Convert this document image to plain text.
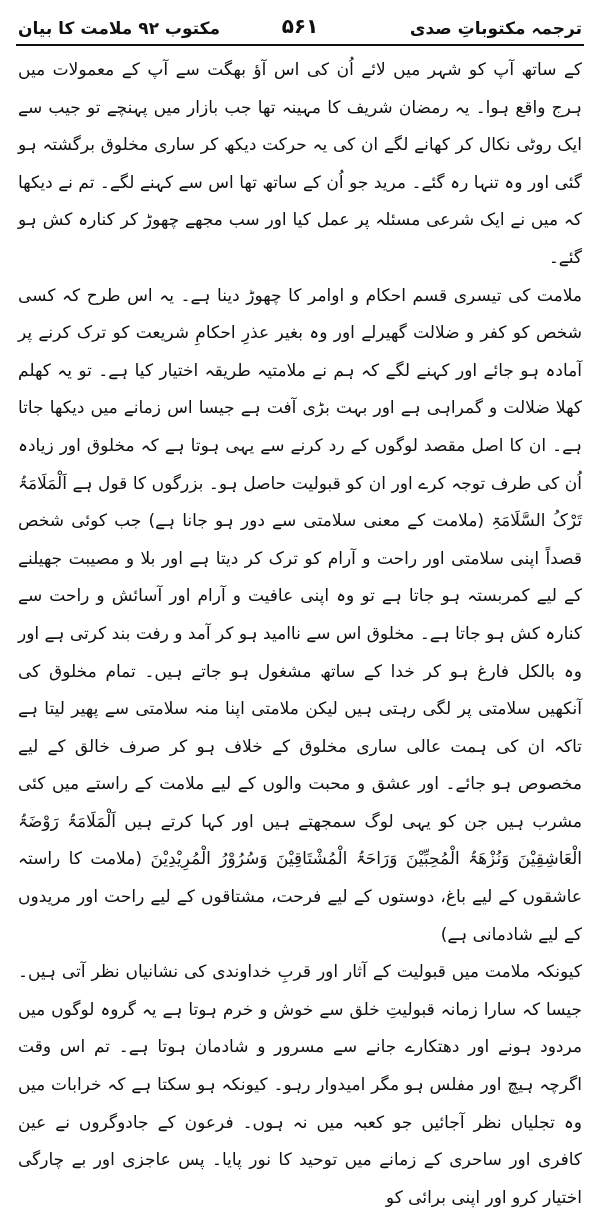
ترجمہ مکتوباتِ صدی
۵۶۱
مکتوب ۹۲ ملامت کا بیان

کے ساتھ آپ کو شہر میں لائے اُن کی اس آؤ بھگت سے آپ کے معمولات میں ہرج واقع ہوا۔ یہ رمضان شریف کا مہینہ تھا جب بازار میں پہنچے تو جیب سے ایک روٹی نکال کر کھانے لگے ان کی یہ حرکت دیکھ کر ساری مخلوق برگشتہ ہو گئی اور وہ تنہا رہ گئے۔ مرید جو اُن کے ساتھ تھا اس سے کہنے لگے۔ تم نے دیکھا کہ میں نے ایک شرعی مسئلہ پر عمل کیا اور سب مجھے چھوڑ کر کنارہ کش ہو گئے۔

ملامت کی تیسری قسم احکام و اوامر کا چھوڑ دینا ہے۔ یہ اس طرح کہ کسی شخص کو کفر و ضلالت گھیرلے اور وہ بغیر عذرِ احکامِ شریعت کو ترک کرنے پر آمادہ ہو جائے اور کہنے لگے کہ ہم نے ملامتیہ طریقہ اختیار کیا ہے۔ تو یہ کھلم کھلا ضلالت و گمراہی ہے اور بہت بڑی آفت ہے جیسا اس زمانے میں دیکھا جاتا ہے۔ ان کا اصل مقصد لوگوں کے رد کرنے سے یہی ہوتا ہے کہ مخلوق اور زیادہ اُن کی طرف توجہ کرے اور ان کو قبولیت حاصل ہو۔ بزرگوں کا قول ہے اَلْمَلَامَۃُ تَرْکُ السَّلَامَۃِ (ملامت کے معنی سلامتی سے دور ہو جانا ہے) جب کوئی شخص قصداً اپنی سلامتی اور راحت و آرام کو ترک کر دیتا ہے اور بلا و مصیبت جھیلنے کے لیے کمربستہ ہو جاتا ہے تو وہ اپنی عافیت و آرام اور آسائش و راحت سے کنارہ کش ہو جاتا ہے۔ مخلوق اس سے ناامید ہو کر آمد و رفت بند کرتی ہے اور وہ بالکل فارغ ہو کر خدا کے ساتھ مشغول ہو جاتے ہیں۔ تمام مخلوق کی آنکھیں سلامتی پر لگی رہتی ہیں لیکن ملامتی اپنا منہ سلامتی سے پھیر لیتا ہے تاکہ ان کی ہمت عالی ساری مخلوق کے خلاف ہو کر صرف خالق کے لیے مخصوص ہو جائے۔ اور عشق و محبت والوں کے لیے ملامت کے راستے میں کئی مشرب ہیں جن کو یہی لوگ سمجھتے ہیں اور کہا کرتے ہیں اَلْمَلَامَۃُ رَوْضَۃُ الْعَاشِقِیْنَ وَنُزْھَۃُ الْمُحِبِّیْنَ وَرَاحَۃُ الْمُشْتَاقِیْنَ وَسُرُوْرُ الْمُرِیْدِیْنَ (ملامت کا راستہ عاشقوں کے لیے باغ، دوستوں کے لیے فرحت، مشتاقوں کے لیے راحت اور مریدوں کے لیے شادمانی ہے)

کیونکہ ملامت میں قبولیت کے آثار اور قربِ خداوندی کی نشانیاں نظر آتی ہیں۔ جیسا کہ سارا زمانہ قبولیتِ خلق سے خوش و خرم ہوتا ہے یہ گروہ لوگوں میں مردود ہونے اور دھتکارے جانے سے مسرور و شادمان ہوتا ہے۔ تم اس وقت اگرچہ ہیچ اور مفلس ہو مگر امیدوار رہو۔ کیونکہ ہو سکتا ہے کہ خرابات میں وہ تجلیاں نظر آجائیں جو کعبہ میں نہ ہوں۔ فرعون کے جادوگروں نے عین کافری اور ساحری کے زمانے میں توحید کا نور پایا۔ پس عاجزی اور بے چارگی اختیار کرو اور اپنی برائی کو
